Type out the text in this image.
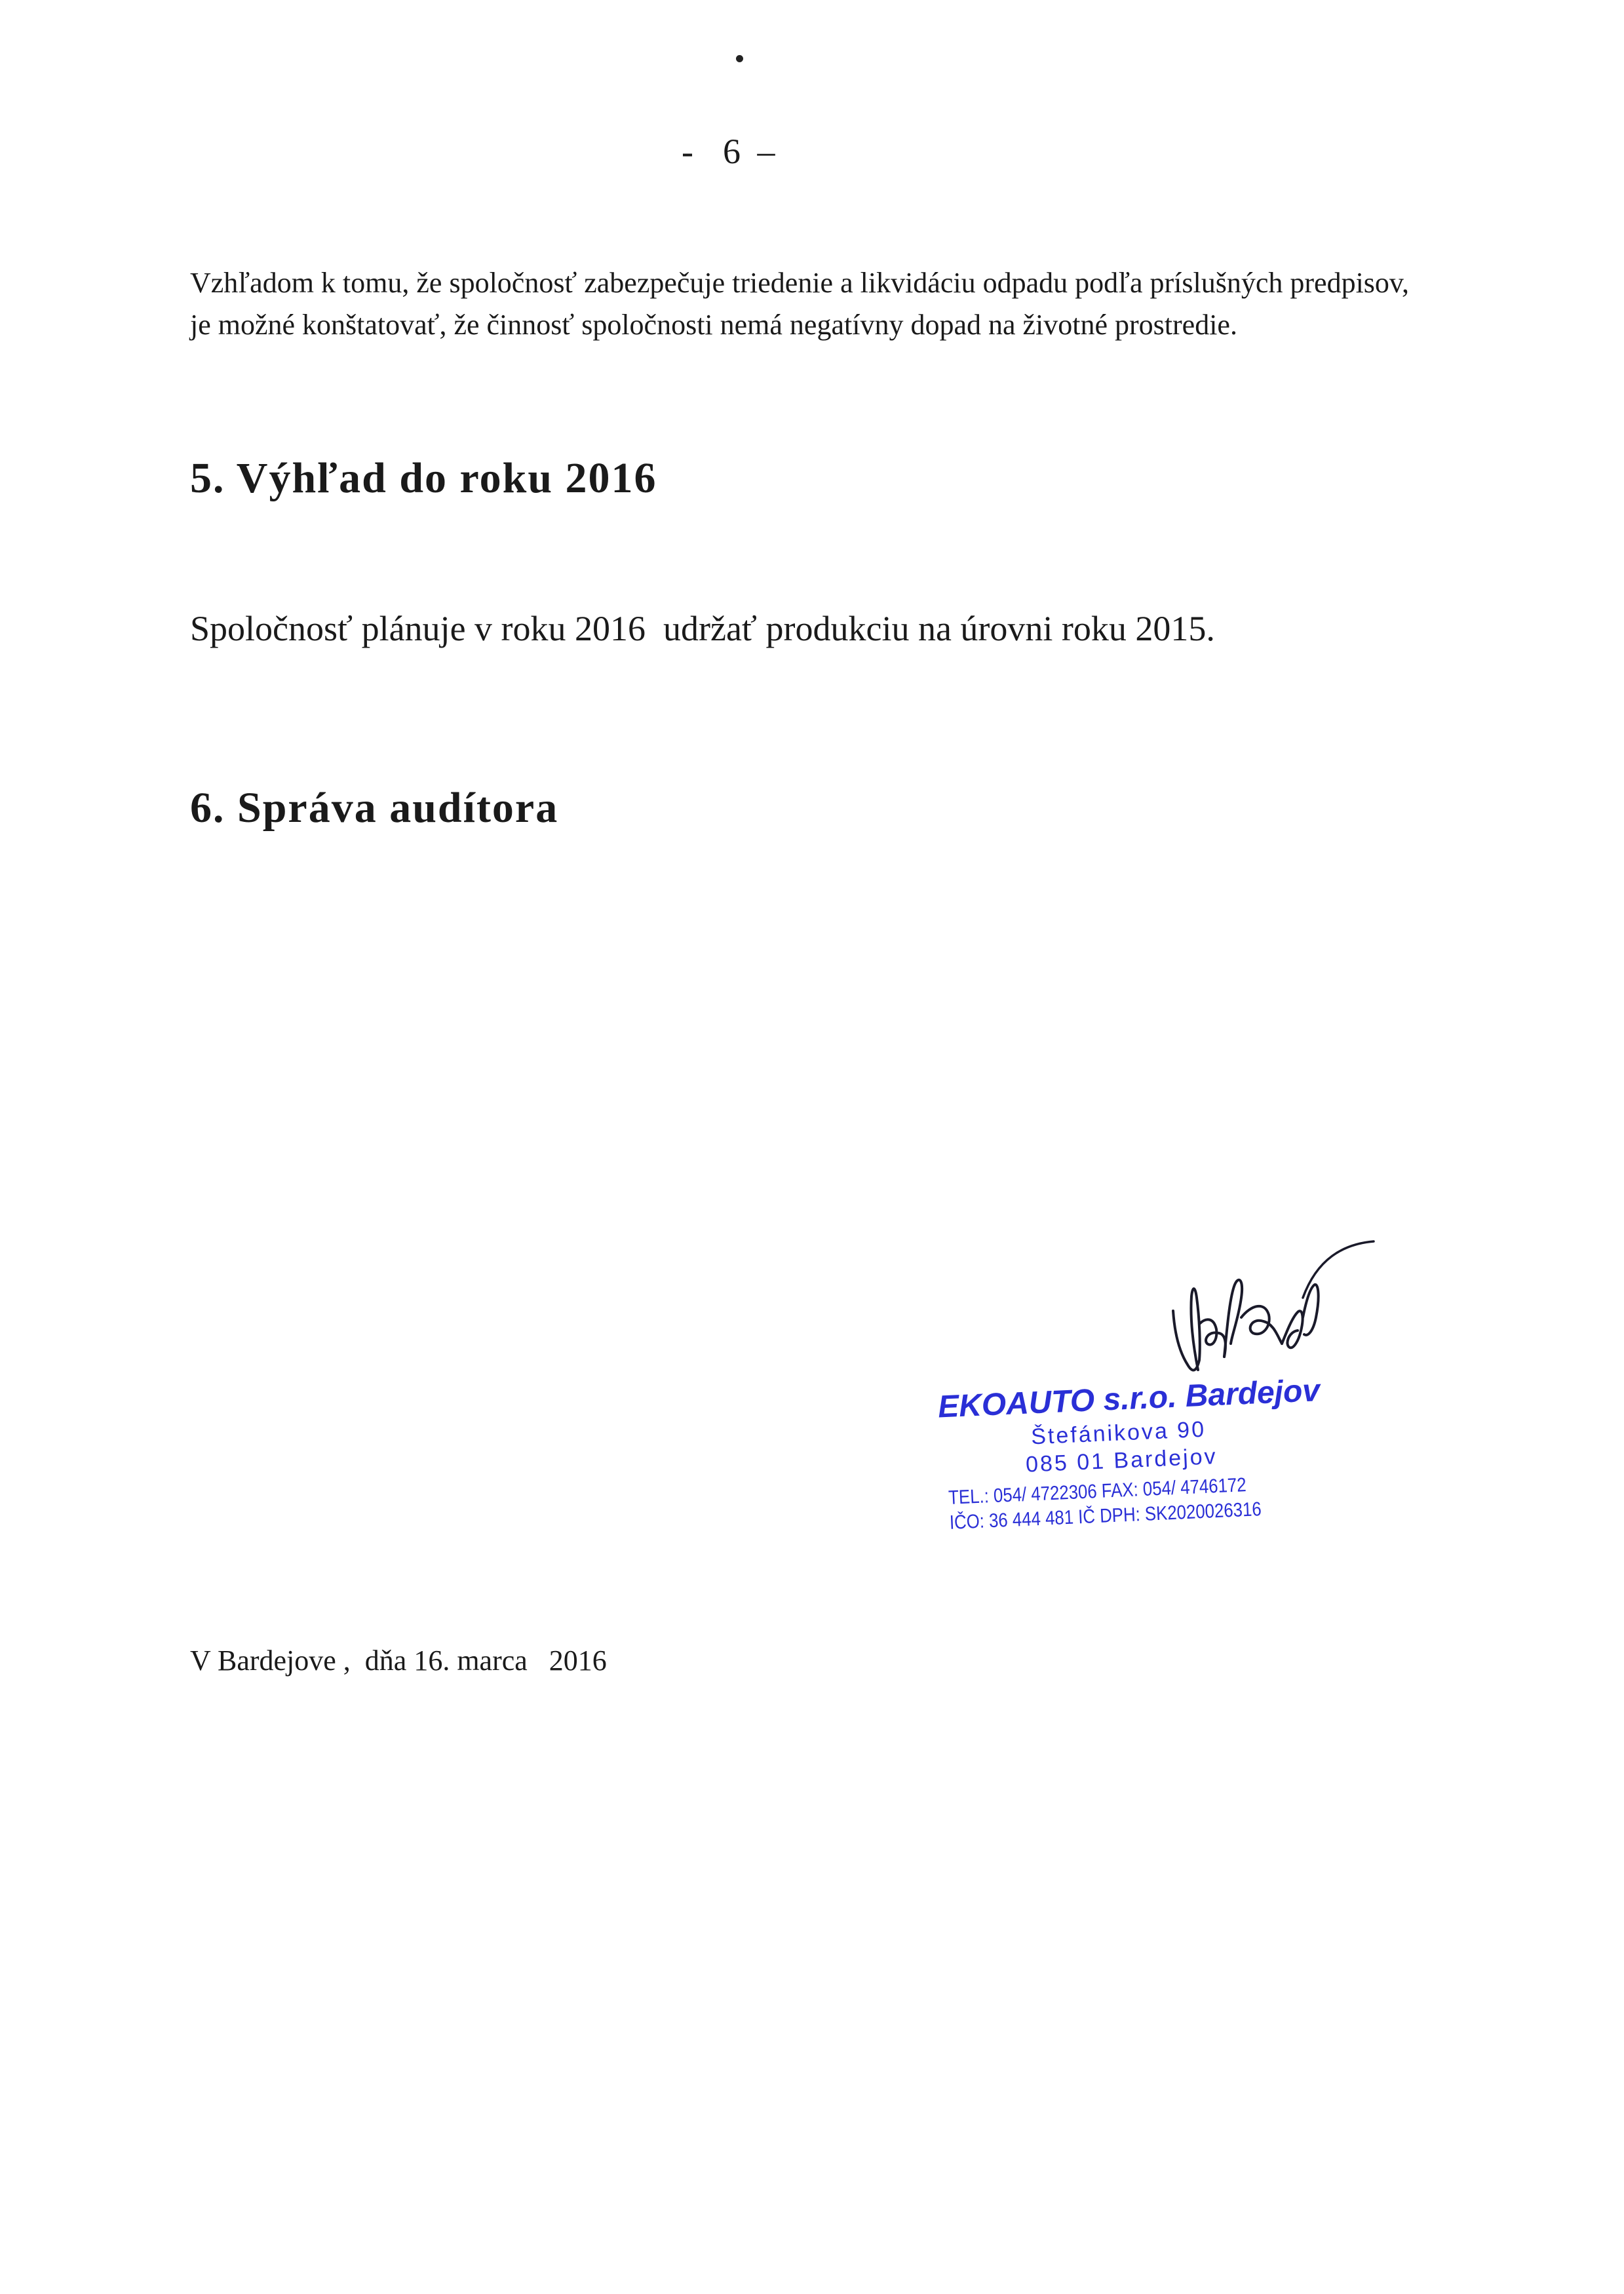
-  6 –
Vzhľadom k tomu, že spoločnosť zabezpečuje triedenie a likvidáciu odpadu podľa príslušných predpisov, je možné konštatovať, že činnosť spoločnosti nemá negatívny dopad na životné prostredie.
5. Výhľad do roku 2016
Spoločnosť plánuje v roku 2016  udržať produkciu na úrovni roku 2015.
6. Správa audítora
EKOAUTO s.r.o. Bardejov
Štefánikova 90
085 01 Bardejov
TEL.: 054/ 4722306 FAX: 054/ 4746172
IČO: 36 444 481 IČ DPH: SK2020026316
V Bardejove ,  dňa 16. marca   2016
